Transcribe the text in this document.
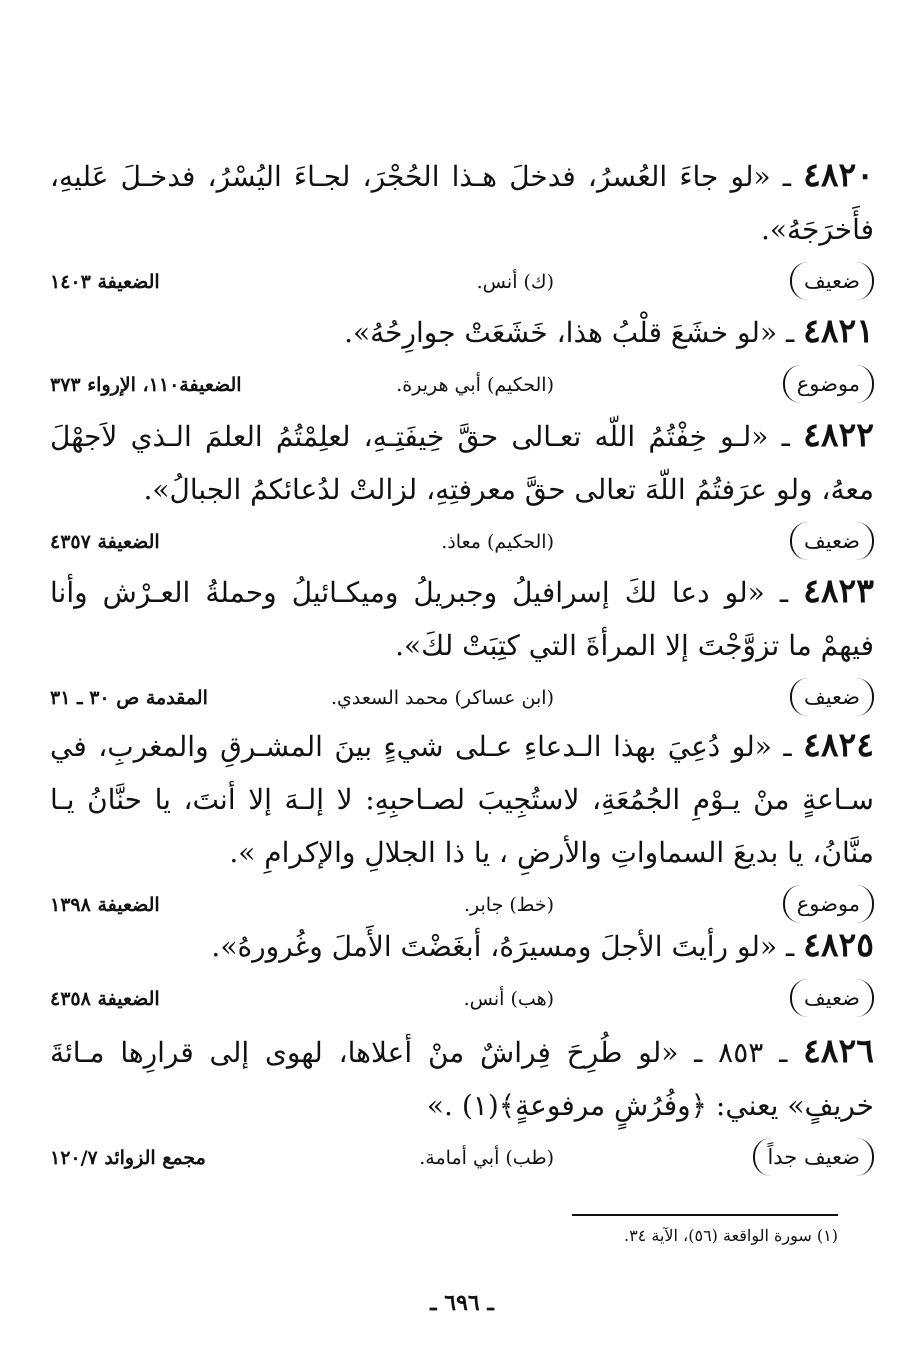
٤٨٢٠ ـ «لو جاءَ العُسرُ، فدخلَ هـذا الحُجْرَ، لجـاءَ اليُسْرُ، فدخـلَ عَليهِ، فأَخرَجَهُ».

ضعيف
(ك) أنس.
الضعيفة ١٤٠٣

٤٨٢١ ـ «لو خشَعَ قلْبُ هذا، خَشَعَتْ جوارِحُهُ».

موضوع
(الحكيم) أبي هريرة.
الضعيفة١١٠، الإرواء ٣٧٣

٤٨٢٢ ـ «لـو خِفْتُمُ اللّه تعـالى حقَّ خِيفَتِـهِ، لعلِمْتُمُ العلمَ الـذي لاَجهْلَ معهُ، ولو عرَفتُمُ اللّهَ تعالى حقَّ معرفتِهِ، لزالتْ لدُعائكمُ الجبالُ».

ضعيف
(الحكيم) معاذ.
الضعيفة ٤٣٥٧

٤٨٢٣ ـ «لو دعا لكَ إسرافيلُ وجبريلُ وميكـائيلُ وحملةُ العـرْش وأنا فيهمْ ما تزوَّجْتَ إلا المرأةَ التي كتِبَتْ لكَ».

ضعيف
(ابن عساكر) محمد السعدي.
المقدمة ص ٣٠ ـ ٣١

٤٨٢٤ ـ «لو دُعِيَ بهذا الـدعاءِ عـلى شيءٍ بينَ المشـرقِ والمغربِ، في سـاعةٍ منْ يـوْمِ الجُمُعَةِ، لاستُجِيبَ لصـاحبِهِ: لا إلـهَ إلا أنتَ، يا حنَّانُ يـا منَّانُ، يا بديعَ السماواتِ والأرضِ ، يا ذا الجلالِ والإكرامِ ».

موضوع
(خط) جابر.
الضعيفة ١٣٩٨

٤٨٢٥ ـ «لو رأيتَ الأجلَ ومسيرَهُ، أبغَضْتَ الأَملَ وغُرورهُ».

ضعيف
(هب) أنس.
الضعيفة ٤٣٥٨

٤٨٢٦ ـ ٨٥٣ ـ «لو طُرِحَ فِراشٌ منْ أعلاها، لهوى إلى قرارِها مـائةَ خريفٍ» يعني: ﴿وفُرُشٍ مرفوعةٍ﴾(١) .»

ضعيف جداً
(طب) أبي أمامة.
مجمع الزوائد ١٢٠/٧
(١) سورة الواقعة (٥٦)، الآية ٣٤.
ـ ٦٩٦ ـ
